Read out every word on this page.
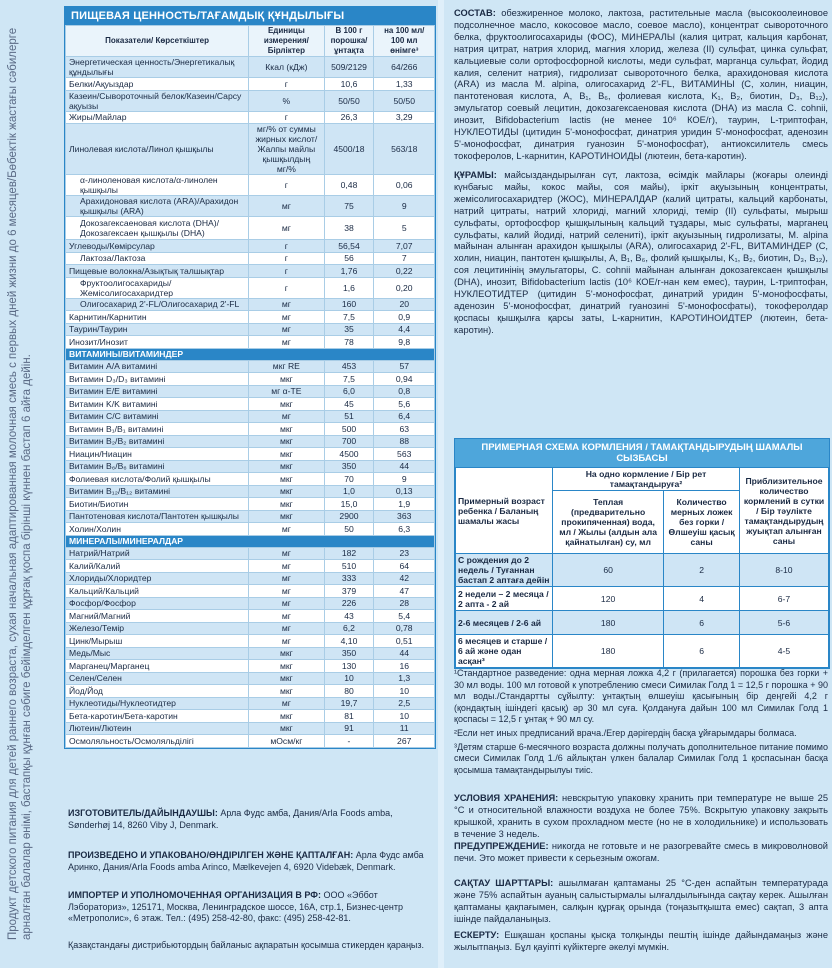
Продукт детского питания для детей раннего возраста, сухая начальная адаптированная молочная смесь с первых дней жизни до 6 месяцев/Бөбектік жастағы сәбилерге арналған балалар өнімі, бастапқы құнған сәбиге бейімделген құрғақ қоспа бірінші күннен бастап 6 айға дейін.
ПИЩЕВАЯ ЦЕННОСТЬ/ТАҒАМДЫҚ ҚҰНДЫЛЫҒЫ
Показатели/ Көрсеткіштер	Единицы измерения/ Бірліктер	В 100 г порошка/ ұнтақта	на 100 мл/ 100 мл өнімге³
Энергетическая ценность/Энергетикалық құндылығы	Ккал (кДж)	509/2129	64/266
Белки/Ақуыздар	г	10,6	1,33
Казеин/Сывороточный белок/Казеин/Сарсу ақуызы	%	50/50	50/50
Жиры/Майлар	г	26,3	3,29
Линолевая кислота/Линол қышқылы	мг/% от суммы жирных кислот/Жалпы майлы қышқылдың мг/%	4500/18	563/18
α-линоленовая кислота/α-линолен қышқылы	г	0,48	0,06
Арахидоновая кислота (ARA)/Арахидон қышқылы (ARA)	мг	75	9
Докозагексаеновая кислота (DHA)/Докозагексаен қышқылы (DHA)	мг	38	5
Углеводы/Көмірсулар	г	56,54	7,07
Лактоза/Лактоза	г	56	7
Пищевые волокна/Азықтық талшықтар	г	1,76	0,22
Фруктоолигосахариды/Жемісолигосахаридтер	г	1,6	0,20
Олигосахарид 2'-FL/Олигосахарид 2'-FL	мг	160	20
Карнитин/Карнитин	мг	7,5	0,9
Таурин/Таурин	мг	35	4,4
Инозит/Инозит	мг	78	9,8
ВИТАМИНЫ/ВИТАМИНДЕР			
Витамин A/A витамині	мкг RE	453	57
Витамин D₃/D₃ витамині	мкг	7,5	0,94
Витамин E/E витамині	мг α-TE	6,0	0,8
Витамин K/K витамині	мкг	45	5,6
Витамин C/C витамині	мг	51	6,4
Витамин B₁/B₁ витамині	мкг	500	63
Витамин B₂/B₂ витамині	мкг	700	88
Ниацин/Ниацин	мкг	4500	563
Витамин B₆/B₆ витамині	мкг	350	44
Фолиевая кислота/Фолий қышқылы	мкг	70	9
Витамин B₁₂/B₁₂ витамині	мкг	1,0	0,13
Биотин/Биотин	мкг	15,0	1,9
Пантотеновая кислота/Пантотен қышқылы	мкг	2900	363
Холин/Холин	мг	50	6,3
МИНЕРАЛЫ/МИНЕРАЛДАР			
Натрий/Натрий	мг	182	23
Калий/Калий	мг	510	64
Хлориды/Хлоридтер	мг	333	42
Кальций/Кальций	мг	379	47
Фосфор/Фосфор	мг	226	28
Магний/Магний	мг	43	5,4
Железо/Темір	мг	6,2	0,78
Цинк/Мырыш	мг	4,10	0,51
Медь/Мыс	мкг	350	44
Марганец/Марганец	мкг	130	16
Селен/Селен	мкг	10	1,3
Йод/Йод	мкг	80	10
Нуклеотиды/Нуклеотидтер	мг	19,7	2,5
Бета-каротин/Бета-каротин	мкг	81	10
Лютеин/Лютеин	мкг	91	11
Осмоляльность/Осмоляльділігі	мОсм/кг	-	267
ИЗГОТОВИТЕЛЬ/ДАЙЫНДАУШЫ: Арла Фудс амба, Дания/Arla Foods amba, Sønderhøj 14, 8260 Viby J, Denmark.
ПРОИЗВЕДЕНО И УПАКОВАНО/ӨНДІРІЛГЕН ЖӘНЕ ҚАПТАЛҒАН: Арла Фудс амба Аринко, Дания/Arla Foods amba Arinco, Mælkevejen 4, 6920 Videbæk, Denmark.
ИМПОРТЕР И УПОЛНОМОЧЕННАЯ ОРГАНИЗАЦИЯ В РФ: ООО «Эббот Лэбораториз», 125171, Москва, Ленинградское шоссе, 16А, стр.1, Бизнес-центр «Метрополис», 6 этаж. Тел.: (495) 258-42-80, факс: (495) 258-42-81.
Қазақстандағы дистрибьютордың байланыс ақпаратын қосымша стикерден қараңыз.
СОСТАВ: обезжиренное молоко, лактоза, растительные масла (высокоолеиновое подсолнечное масло, кокосовое масло, соевое масло), концентрат сывороточного белка, фруктоолигосахариды (ФОС), МИНЕРАЛЫ (калия цитрат, кальция карбонат, натрия цитрат, натрия хлорид, магния хлорид, железа (II) сульфат, цинка сульфат, кальциевые соли ортофосфорной кислоты, меди сульфат, марганца сульфат, йодид калия, селенит натрия), гидролизат сывороточного белка, арахидоновая кислота (ARA) из масла M. alpina, олигосахарид 2'-FL, ВИТАМИНЫ (С, холин, ниацин, пантотеновая кислота, A, B₁, B₆, фолиевая кислота, K₁, B₂, биотин, D₃, B₁₂), эмульгатор соевый лецитин, докозагексаеновая кислота (DHA) из масла C. cohnii, инозит, Bifidobacterium lactis (не менее 10⁶ КОЕ/г), таурин, L-триптофан, НУКЛЕОТИДЫ (цитидин 5'-монофосфат, динатрия уридин 5'-монофосфат, аденозин 5'-монофосфат, динатрия гуанозин 5'-монофосфат), антиоксилитель смесь токоферолов, L-карнитин, КАРОТИНОИДЫ (лютеин, бета-каротин).
ҚҰРАМЫ: майсыздандырылған сүт, лактоза, өсімдік майлары (жоғары олеинді күнбағыс майы, кокос майы, соя майы), іркіт ақуызының концентраты, жемісолигосахаридтер (ЖОС), МИНЕРАЛДАР (калий цитраты, кальций карбонаты, натрий цитраты, натрий хлориді, магний хлориді, темір (II) сульфаты, мырыш сульфаты, ортофосфор қышқылының кальций тұздары, мыс сульфаты, марганец сульфаты, калий йодиді, натрий селениті), іркіт ақуызының гидролизаты, M. alpina майынан алынған арахидон қышқылы (ARA), олигосахарид 2'-FL, ВИТАМИНДЕР (С, холин, ниацин, пантотен қышқылы, A, B₁, B₆, фолий қышқылы, K₁, B₂, биотин, D₃, B₁₂), соя лецитинінің эмульгаторы, C. cohnii майынан алынған докозагексаен қышқылы (DHA), инозит, Bifidobacterium lactis (10⁶ КОЕ/г-нан кем емес), таурин, L-триптофан, НУКЛЕОТИДТЕР (цитидин 5'-монофосфат, динатрий уридин 5'-монофосфаты, аденозин 5'-монофосфат, динатрий гуанозині 5'-монофосфаты), токоферолдар қоспасы қышқылға қарсы заты, L-карнитин, КАРОТИНОИДТЕР (лютеин, бета-каротин).
ПРИМЕРНАЯ СХЕМА КОРМЛЕНИЯ / ТАМАҚТАНДЫРУДЫҢ ШАМАЛЫ СЫЗБАСЫ
Примерный возраст ребенка / Баланың шамалы жасы	На одно кормление / Бір рет тамақтандыруға²		Приблизительное количество кормлений в сутки / Бір тәулікте тамақтандырудың жуықтап алынған саны
	Теплая (предварительно прокипяченная) вода, мл / Жылы (алдын ала қайнатылған) су, мл	Количество мерных ложек без горки / Өлшеуіш қасық саны	
С рождения до 2 недель / Туғаннан бастап 2 аптаға дейін	60	2	8-10
2 недели – 2 месяца / 2 апта - 2 ай	120	4	6-7
2-6 месяцев / 2-6 ай	180	6	5-6
6 месяцев и старше / 6 ай және одан асқан³	180	6	4-5
¹Стандартное разведение: одна мерная ложка 4,2 г (прилагается) порошка без горки + 30 мл воды. 100 мл готовой к употреблению смеси Симилак Голд 1 = 12,5 г порошка + 90 мл воды./Стандартты сұйылту: ұнтақтың өлшеуіш қасығының бір деңгейі 4,2 г (қондақтың ішіндегі қасық) әр 30 мл суға. Қолдануға дайын 100 мл Симилак Голд 1 қоспасы = 12,5 г ұнтақ + 90 мл су.
²Если нет иных предписаний врача./Егер дәрігердің басқа ұйғарымдары болмаса.
³Детям старше 6-месячного возраста должны получать дополнительное питание помимо смеси Симилак Голд 1./6 айлықтан үлкен балалар Симилак Голд 1 қоспасынан басқа қосымша тамақтандырылуы тиіс.
УСЛОВИЯ ХРАНЕНИЯ: невскрытую упаковку хранить при температуре не выше 25 °С и относительной влажности воздуха не более 75%. Вскрытую упаковку закрыть крышкой, хранить в сухом прохладном месте (но не в холодильнике) и использовать в течение 3 недель.
ПРЕДУПРЕЖДЕНИЕ: никогда не готовьте и не разогревайте смесь в микроволновой печи. Это может привести к серьезным ожогам.
САҚТАУ ШАРТТАРЫ: ашылмаған қаптаманы 25 °С-ден аспайтын температурада және 75% аспайтын ауаның салыстырмалы ылғалдылығында сақтау керек. Ашылған қаптаманы қақпағымен, салқын құрғақ орында (тоңазытқышта емес) сақтап, 3 апта ішінде пайдаланыңыз.
ЕСКЕРТУ: Ешқашан қоспаны қысқа толқынды пештің ішінде дайындамаңыз және жылытпаңыз. Бұл қауіпті күйіктерге әкелуі мүмкін.
